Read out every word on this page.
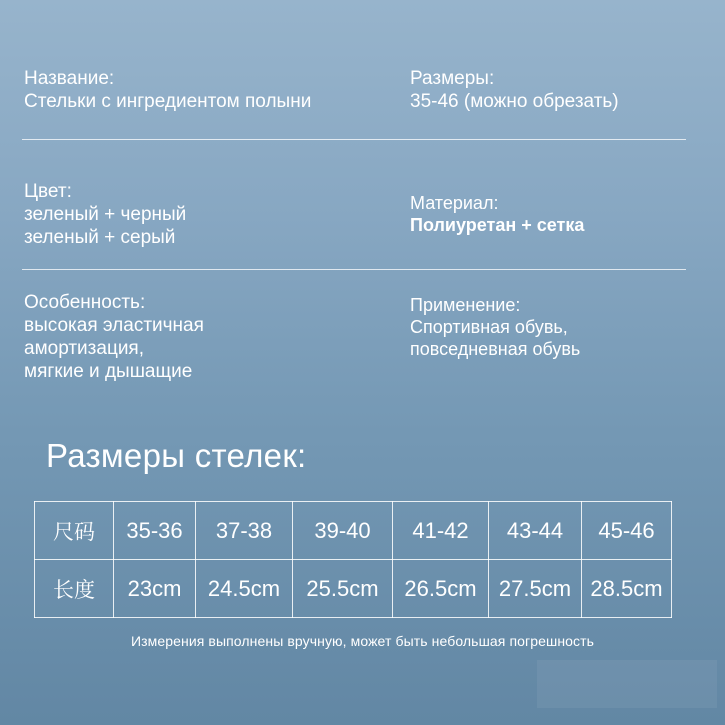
Название:
Стельки с ингредиентом полыни
Размеры:
35-46 (можно обрезать)
Цвет:
зеленый + черный
зеленый + серый
Материал:
Полиуретан + сетка
Особенность:
высокая эластичная
амортизация,
мягкие и дышащие
Применение:
Спортивная обувь,
повседневная обувь
Размеры стелек:
尺码	35-36	37-38	39-40	41-42	43-44	45-46
长度	23cm	24.5cm	25.5cm	26.5cm	27.5cm	28.5cm
Измерения выполнены вручную, может быть небольшая погрешность
